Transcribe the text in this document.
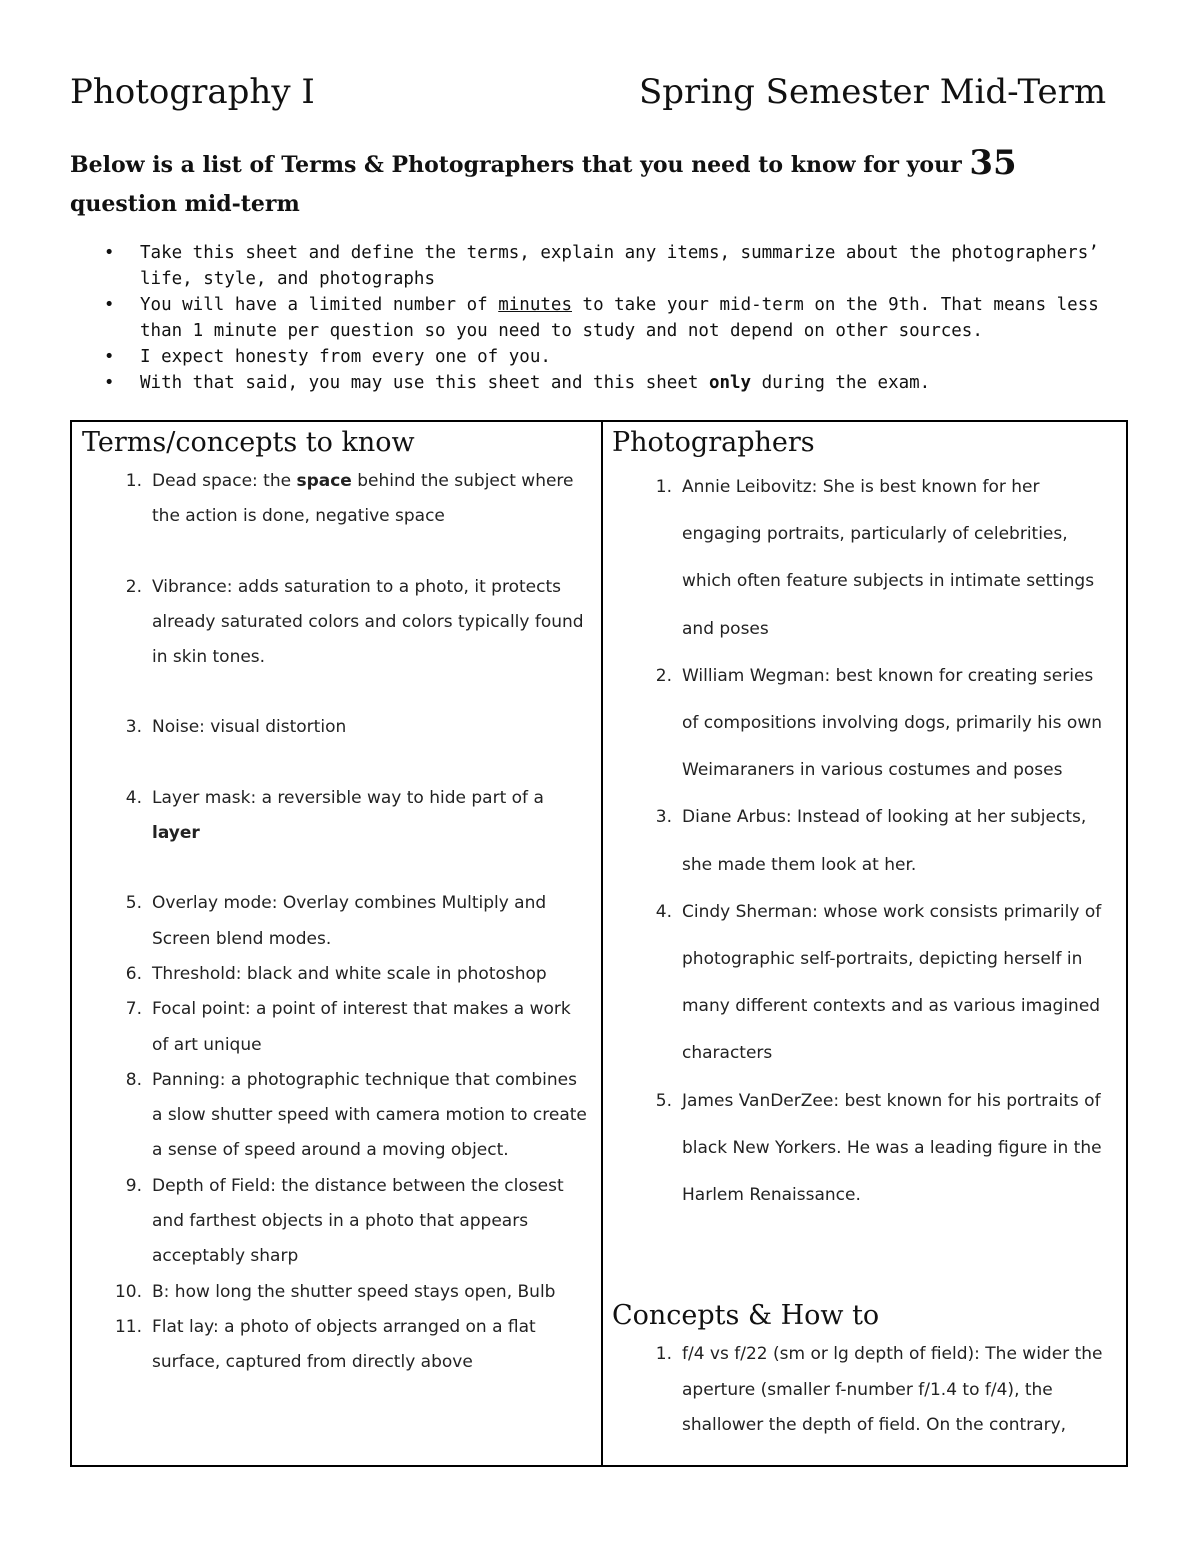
Photography I	Spring Semester Mid-Term
Below is a list of Terms & Photographers that you need to know for your 35
question mid-term
• Take this sheet and define the terms, explain any items, summarize about the photographers’ life, style, and photographs
• You will have a limited number of minutes to take your mid-term on the 9th. That means less than 1 minute per question so you need to study and not depend on other sources.
• I expect honesty from every one of you.
• With that said, you may use this sheet and this sheet only during the exam.
Terms/concepts to know
1. Dead space: the space behind the subject where the action is done, negative space
2. Vibrance: adds saturation to a photo, it protects already saturated colors and colors typically found in skin tones.
3. Noise: visual distortion
4. Layer mask: a reversible way to hide part of a layer
5. Overlay mode: Overlay combines Multiply and Screen blend modes.
6. Threshold: black and white scale in photoshop
7. Focal point: a point of interest that makes a work of art unique
8. Panning: a photographic technique that combines a slow shutter speed with camera motion to create a sense of speed around a moving object.
9. Depth of Field: the distance between the closest and farthest objects in a photo that appears acceptably sharp
10. B: how long the shutter speed stays open, Bulb
11. Flat lay: a photo of objects arranged on a flat surface, captured from directly above
Photographers
1. Annie Leibovitz: She is best known for her engaging portraits, particularly of celebrities, which often feature subjects in intimate settings and poses
2. William Wegman: best known for creating series of compositions involving dogs, primarily his own Weimaraners in various costumes and poses
3. Diane Arbus: Instead of looking at her subjects, she made them look at her.
4. Cindy Sherman: whose work consists primarily of photographic self-portraits, depicting herself in many different contexts and as various imagined characters
5. James VanDerZee: best known for his portraits of black New Yorkers. He was a leading figure in the Harlem Renaissance.
Concepts & How to
1. f/4 vs f/22 (sm or lg depth of field): The wider the aperture (smaller f-number f/1.4 to f/4), the shallower the depth of field. On the contrary,
